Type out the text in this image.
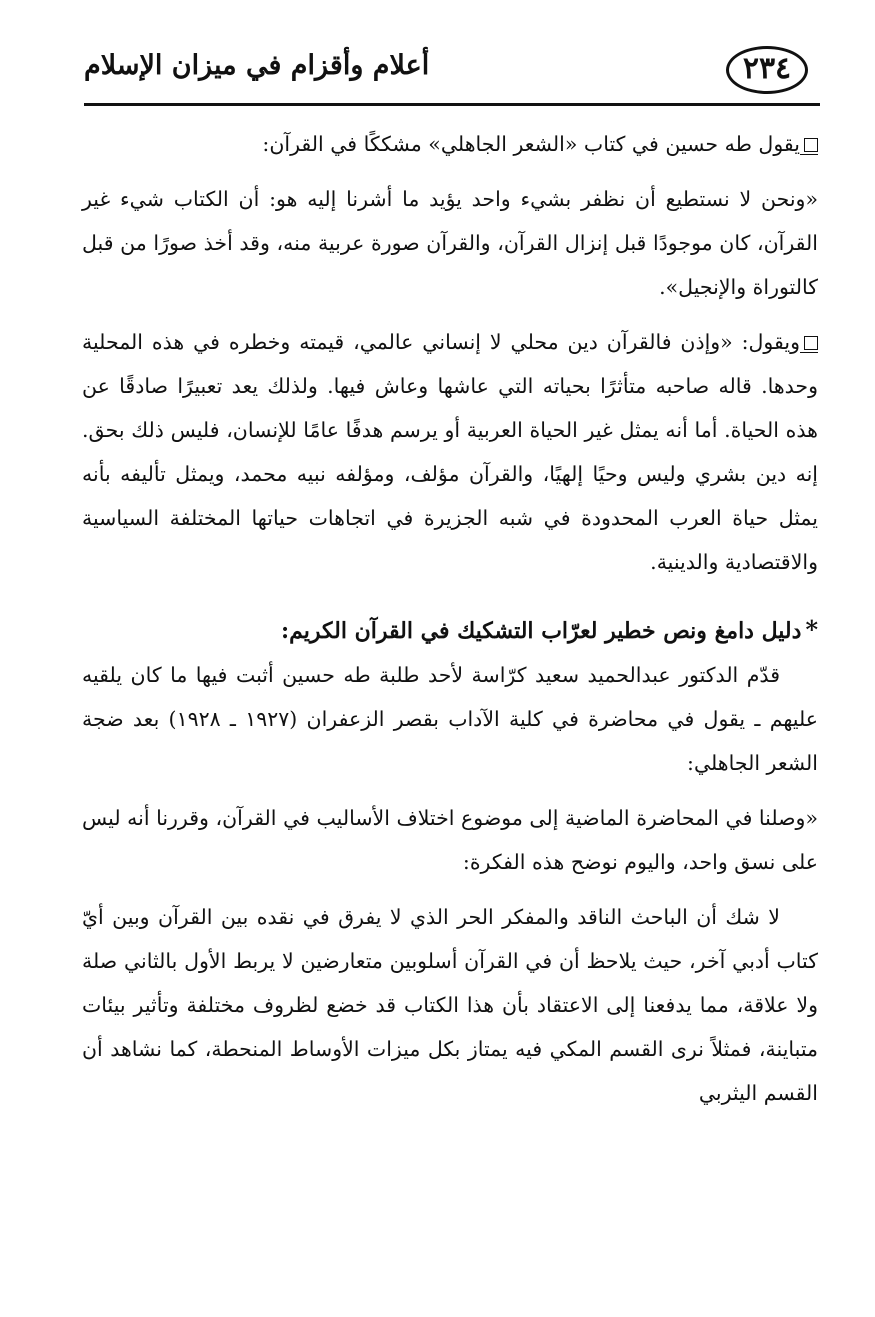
أعلام وأقزام في ميزان الإسلام	٢٣٤

يقول طه حسين في كتاب «الشعر الجاهلي» مشككًا في القرآن:

«ونحن لا نستطيع أن نظفر بشيء واحد يؤيد ما أشرنا إليه هو: أن الكتاب شيء غير القرآن، كان موجودًا قبل إنزال القرآن، والقرآن صورة عربية منه، وقد أخذ صورًا من قبل كالتوراة والإنجيل».

ويقول: «وإذن فالقرآن دين محلي لا إنساني عالمي، قيمته وخطره في هذه المحلية وحدها. قاله صاحبه متأثرًا بحياته التي عاشها وعاش فيها. ولذلك يعد تعبيرًا صادقًا عن هذه الحياة. أما أنه يمثل غير الحياة العربية أو يرسم هدفًا عامًا للإنسان، فليس ذلك بحق. إنه دين بشري وليس وحيًا إلهيًا، والقرآن مؤلف، ومؤلفه نبيه محمد، ويمثل تأليفه بأنه يمثل حياة العرب المحدودة في شبه الجزيرة في اتجاهات حياتها المختلفة السياسية والاقتصادية والدينية.

*دليل دامغ ونص خطير لعرّاب التشكيك في القرآن الكريم:

قدّم الدكتور عبدالحميد سعيد كرّاسة لأحد طلبة طه حسين أثبت فيها ما كان يلقيه عليهم ـ يقول في محاضرة في كلية الآداب بقصر الزعفران (١٩٢٧ ـ ١٩٢٨) بعد ضجة الشعر الجاهلي:

«وصلنا في المحاضرة الماضية إلى موضوع اختلاف الأساليب في القرآن، وقررنا أنه ليس على نسق واحد، واليوم نوضح هذه الفكرة:

لا شك أن الباحث الناقد والمفكر الحر الذي لا يفرق في نقده بين القرآن وبين أيّ كتاب أدبي آخر، حيث يلاحظ أن في القرآن أسلوبين متعارضين لا يربط الأول بالثاني صلة ولا علاقة، مما يدفعنا إلى الاعتقاد بأن هذا الكتاب قد خضع لظروف مختلفة وتأثير بيئات متباينة، فمثلاً نرى القسم المكي فيه يمتاز بكل ميزات الأوساط المنحطة، كما نشاهد أن القسم اليثربي
